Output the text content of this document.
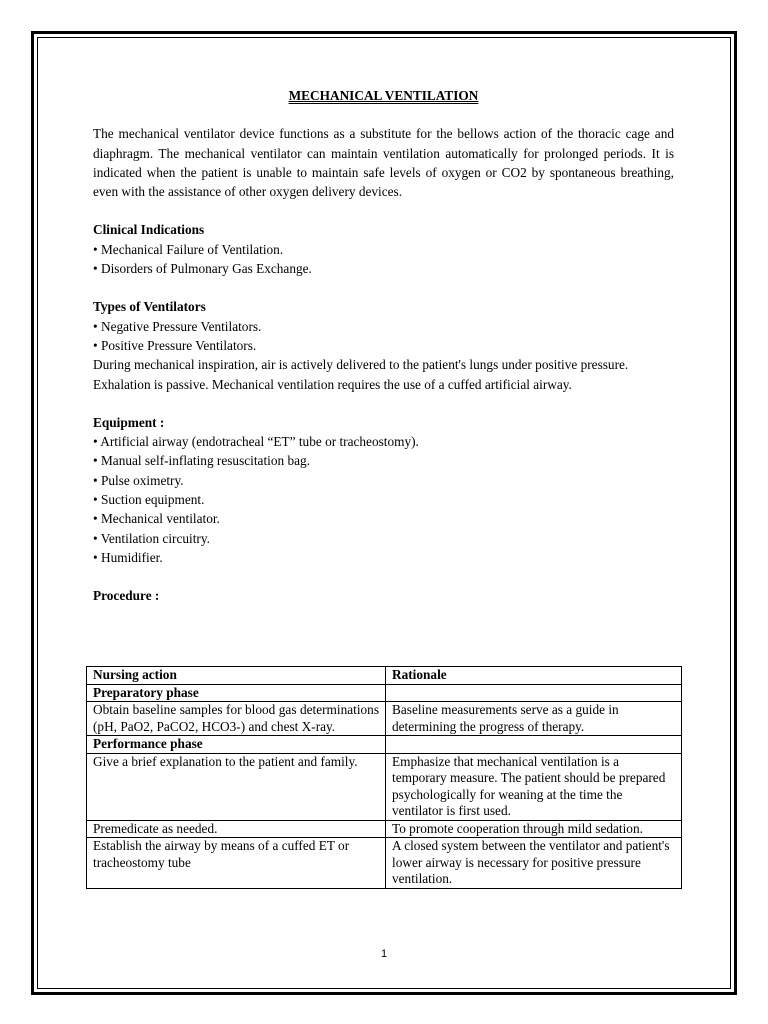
MECHANICAL VENTILATION

The mechanical ventilator device functions as a substitute for the bellows action of the thoracic cage and diaphragm. The mechanical ventilator can maintain ventilation automatically for prolonged periods. It is indicated when the patient is unable to maintain safe levels of oxygen or CO2 by spontaneous breathing, even with the assistance of other oxygen delivery devices.

Clinical Indications

• Mechanical Failure of Ventilation.
• Disorders of Pulmonary Gas Exchange.

Types of Ventilators

• Negative Pressure Ventilators.
• Positive Pressure Ventilators.

During mechanical inspiration, air is actively delivered to the patient's lungs under positive pressure.

Exhalation is passive. Mechanical ventilation requires the use of a cuffed artificial airway.

Equipment :

• Artificial airway (endotracheal “ET” tube or tracheostomy).
• Manual self-inflating resuscitation bag.
• Pulse oximetry.
• Suction equipment.
• Mechanical ventilator.
• Ventilation circuitry.
• Humidifier.

Procedure :

Nursing action	Rationale
Preparatory phase	
Obtain baseline samples for blood gas determinations (pH, PaO2, PaCO2, HCO3-) and chest X-ray.	Baseline measurements serve as a guide in determining the progress of therapy.
Performance phase	
Give a brief explanation to the patient and family.	Emphasize that mechanical ventilation is a temporary measure. The patient should be prepared psychologically for weaning at the time the ventilator is first used.
Premedicate as needed.	To promote cooperation through mild sedation.
Establish the airway by means of a cuffed ET or tracheostomy tube	A closed system between the ventilator and patient's lower airway is necessary for positive pressure ventilation.
1
